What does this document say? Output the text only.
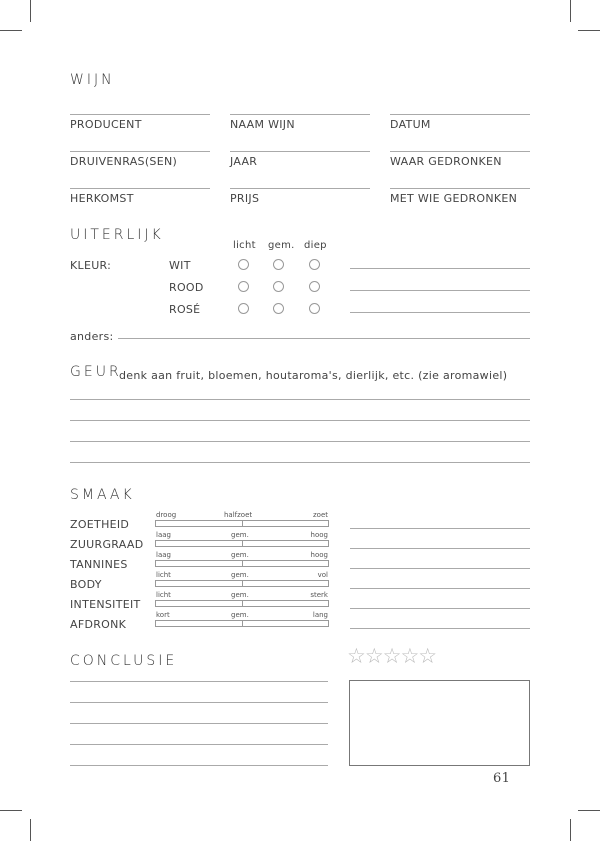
WIJN
PRODUCENT	NAAM WIJN	DATUM
DRUIVENRAS(SEN)	JAAR	WAAR GEDRONKEN
HERKOMST	PRIJS	MET WIE GEDRONKEN
UITERLIJK
licht gem. diep
KLEUR:	WIT
ROOD
ROSÉ
anders:
GEUR
denk aan fruit, bloemen, houtaroma's, dierlijk, etc. (zie aromawiel)
SMAAK
ZOETHEID
droog	halfzoet	zoet
ZUURGRAAD
laag	gem.	hoog
TANNINES
laag	gem.	hoog
BODY
licht	gem.	vol
INTENSITEIT
licht	gem.	sterk
AFDRONK
kort	gem.	lang
CONCLUSIE	☆☆☆☆☆
61
